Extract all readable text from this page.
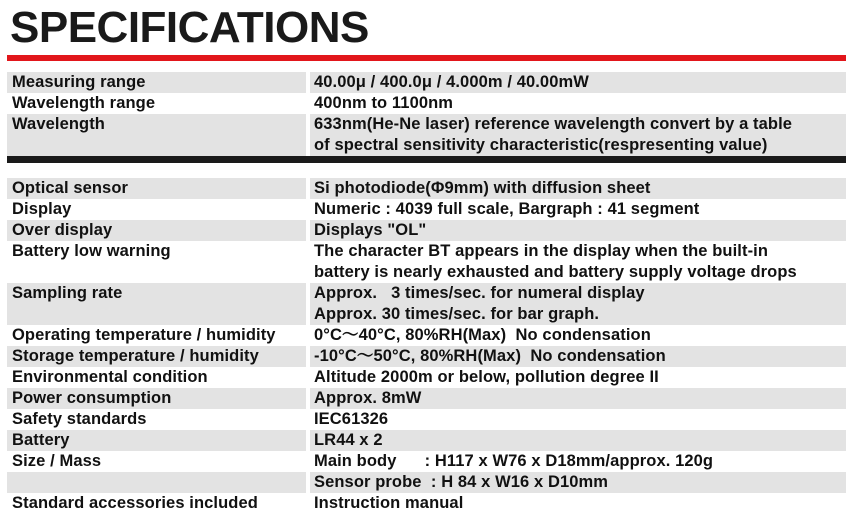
SPECIFICATIONS
Measuring range	40.00μ / 400.0μ / 4.000m / 40.00mW
Wavelength range	400nm to 1100nm
Wavelength	633nm(He-Ne laser) reference wavelength convert by a table
of spectral sensitivity characteristic(respresenting value)
Optical sensor	Si photodiode(Φ9mm) with diffusion sheet
Display	Numeric : 4039 full scale, Bargraph : 41 segment
Over display	Displays "OL"
Battery low warning	The character BT appears in the display when the built-in
battery is nearly exhausted and battery supply voltage drops
Sampling rate	Approx.   3 times/sec. for numeral display
Approx. 30 times/sec. for bar graph.
Operating temperature / humidity	0°C～40°C, 80%RH(Max)  No condensation
Storage temperature / humidity	-10°C～50°C, 80%RH(Max)  No condensation
Environmental condition	Altitude 2000m or below, pollution degree II
Power consumption	Approx. 8mW
Safety standards	IEC61326
Battery	LR44 x 2
Size / Mass	Main body      : H117 x W76 x D18mm/approx. 120g
Sensor probe  : H 84 x W16 x D10mm
Standard accessories included	Instruction manual
